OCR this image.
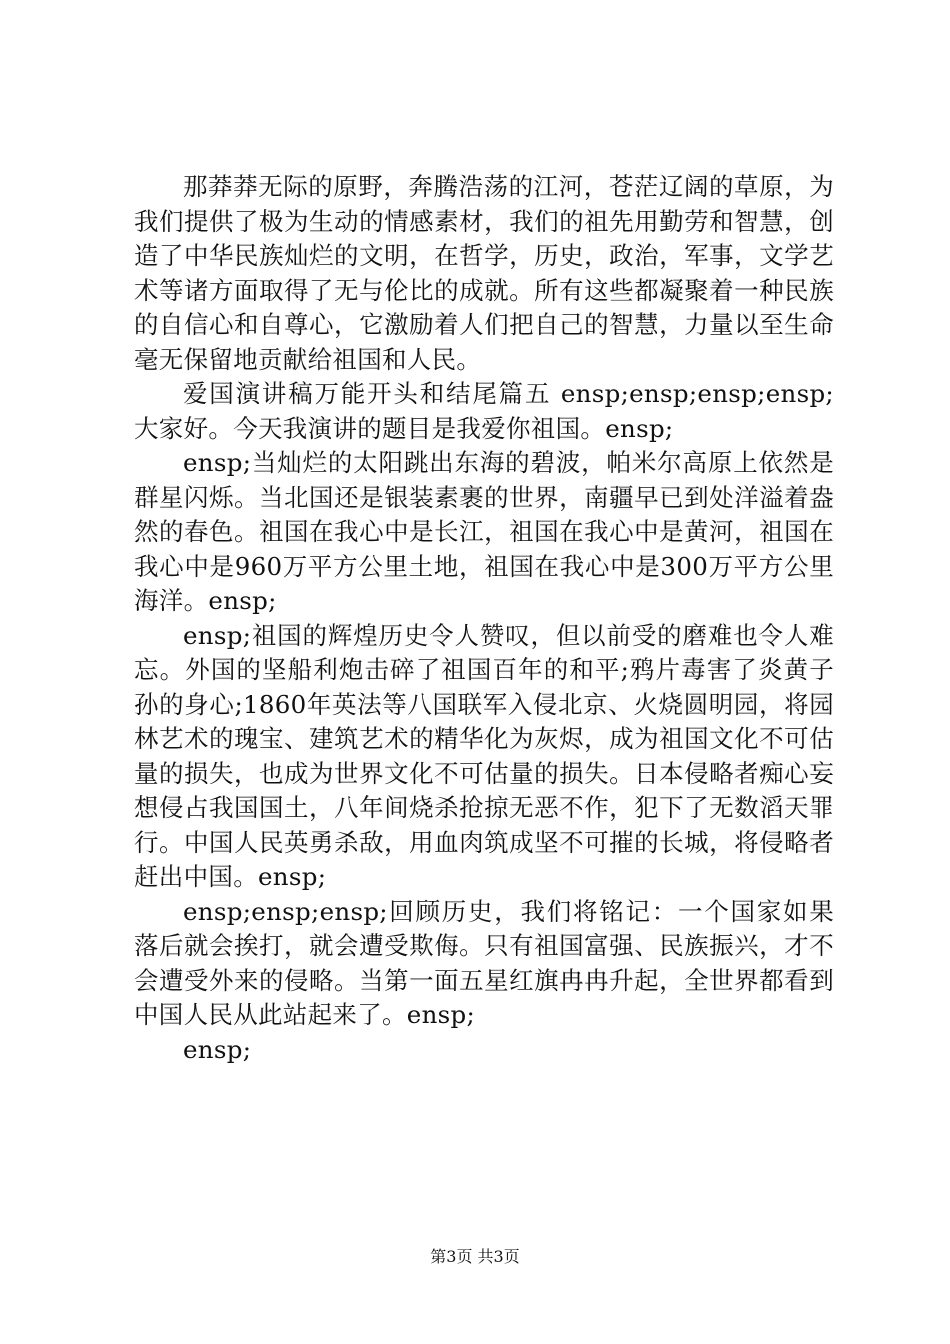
那莽莽无际的原野，奔腾浩荡的江河，苍茫辽阔的草原，为我们提供了极为生动的情感素材，我们的祖先用勤劳和智慧，创造了中华民族灿烂的文明，在哲学，历史，政治，军事，文学艺术等诸方面取得了无与伦比的成就。所有这些都凝聚着一种民族的自信心和自尊心，它激励着人们把自己的智慧，力量以至生命毫无保留地贡献给祖国和人民。

爱国演讲稿万能开头和结尾篇五 ensp;ensp;ensp;ensp;大家好。今天我演讲的题目是我爱你祖国。ensp;

ensp;当灿烂的太阳跳出东海的碧波，帕米尔高原上依然是群星闪烁。当北国还是银装素裹的世界，南疆早已到处洋溢着盎然的春色。祖国在我心中是长江，祖国在我心中是黄河，祖国在我心中是960万平方公里土地，祖国在我心中是300万平方公里海洋。ensp;

ensp;祖国的辉煌历史令人赞叹，但以前受的磨难也令人难忘。外国的坚船利炮击碎了祖国百年的和平;鸦片毒害了炎黄子孙的身心;1860年英法等八国联军入侵北京、火烧圆明园，将园林艺术的瑰宝、建筑艺术的精华化为灰烬，成为祖国文化不可估量的损失，也成为世界文化不可估量的损失。日本侵略者痴心妄想侵占我国国土，八年间烧杀抢掠无恶不作，犯下了无数滔天罪行。中国人民英勇杀敌，用血肉筑成坚不可摧的长城，将侵略者赶出中国。ensp;

ensp;ensp;ensp;回顾历史，我们将铭记：一个国家如果落后就会挨打，就会遭受欺侮。只有祖国富强、民族振兴，才不会遭受外来的侵略。当第一面五星红旗冉冉升起，全世界都看到中国人民从此站起来了。ensp;

ensp;

第3页 共3页
